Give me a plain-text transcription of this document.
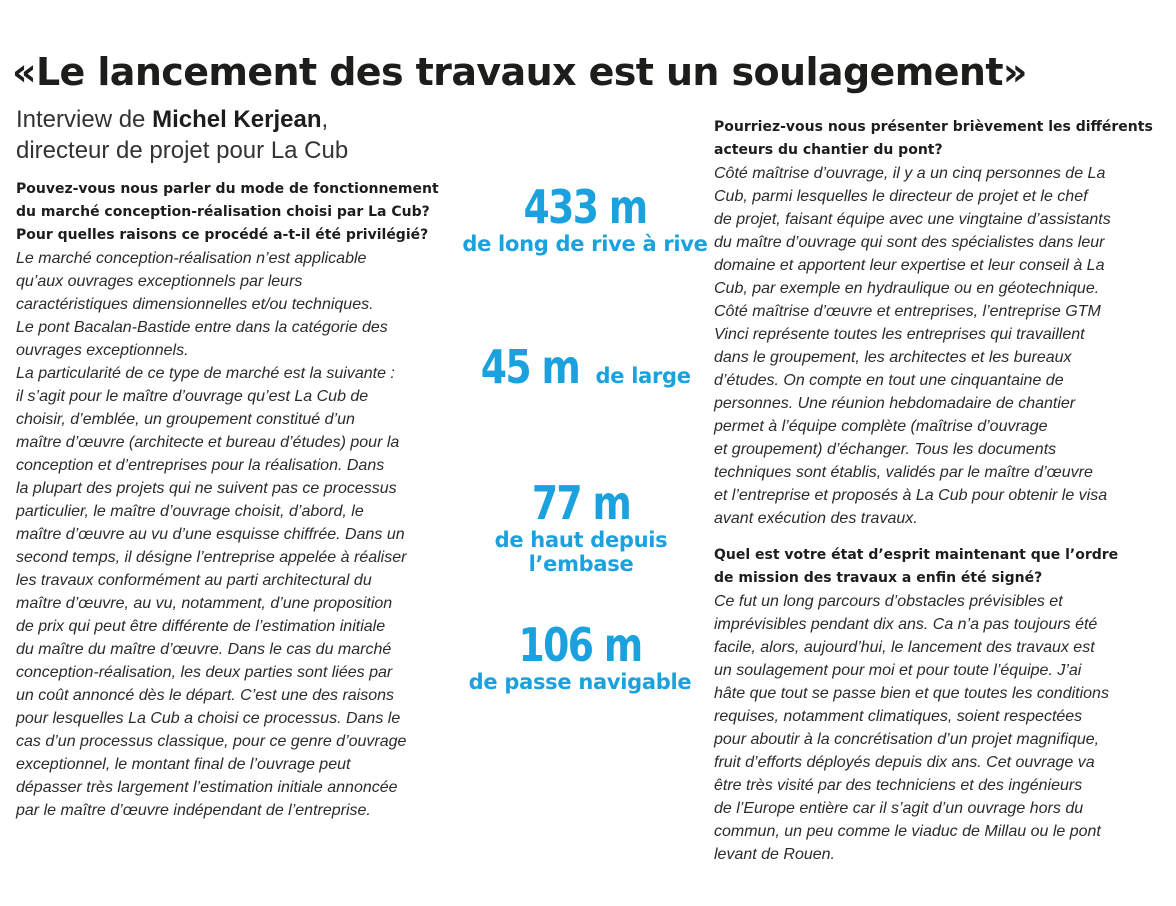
«Le lancement des travaux est un soulagement»
Interview de Michel Kerjean,
directeur de projet pour La Cub
Pouvez-vous nous parler du mode de fonctionnement
du marché conception-réalisation choisi par La Cub?
Pour quelles raisons ce procédé a-t-il été privilégié?
Le marché conception-réalisation n’est applicable
qu’aux ouvrages exceptionnels par leurs
caractéristiques dimensionnelles et/ou techniques.
Le pont Bacalan-Bastide entre dans la catégorie des
ouvrages exceptionnels.
La particularité de ce type de marché est la suivante :
il s’agit pour le maître d’ouvrage qu’est La Cub de
choisir, d’emblée, un groupement constitué d’un
maître d’œuvre (architecte et bureau d’études) pour la
conception et d’entreprises pour la réalisation. Dans
la plupart des projets qui ne suivent pas ce processus
particulier, le maître d’ouvrage choisit, d’abord, le
maître d’œuvre au vu d’une esquisse chiffrée. Dans un
second temps, il désigne l’entreprise appelée à réaliser
les travaux conformément au parti architectural du
maître d’œuvre, au vu, notamment, d’une proposition
de prix qui peut être différente de l’estimation initiale
du maître du maître d’œuvre. Dans le cas du marché
conception-réalisation, les deux parties sont liées par
un coût annoncé dès le départ. C’est une des raisons
pour lesquelles La Cub a choisi ce processus. Dans le
cas d’un processus classique, pour ce genre d’ouvrage
exceptionnel, le montant final de l’ouvrage peut
dépasser très largement l’estimation initiale annoncée
par le maître d’œuvre indépendant de l’entreprise.
433 m
de long de rive à rive
45 m de large
77 m
de haut depuis l’embase
106 m
de passe navigable
Pourriez-vous nous présenter brièvement les différents
acteurs du chantier du pont?
Côté maîtrise d’ouvrage, il y a un cinq personnes de La
Cub, parmi lesquelles le directeur de projet et le chef
de projet, faisant équipe avec une vingtaine d’assistants
du maître d’ouvrage qui sont des spécialistes dans leur
domaine et apportent leur expertise et leur conseil à La
Cub, par exemple en hydraulique ou en géotechnique.
Côté maîtrise d’œuvre et entreprises, l’entreprise GTM
Vinci représente toutes les entreprises qui travaillent
dans le groupement, les architectes et les bureaux
d’études. On compte en tout une cinquantaine de
personnes. Une réunion hebdomadaire de chantier
permet à l’équipe complète (maîtrise d’ouvrage
et groupement) d’échanger. Tous les documents
techniques sont établis, validés par le maître d’œuvre
et l’entreprise et proposés à La Cub pour obtenir le visa
avant exécution des travaux.
Quel est votre état d’esprit maintenant que l’ordre
de mission des travaux a enfin été signé?
Ce fut un long parcours d’obstacles prévisibles et
imprévisibles pendant dix ans. Ca n’a pas toujours été
facile, alors, aujourd’hui, le lancement des travaux est
un soulagement pour moi et pour toute l’équipe. J’ai
hâte que tout se passe bien et que toutes les conditions
requises, notamment climatiques, soient respectées
pour aboutir à la concrétisation d’un projet magnifique,
fruit d’efforts déployés depuis dix ans. Cet ouvrage va
être très visité par des techniciens et des ingénieurs
de l’Europe entière car il s’agit d’un ouvrage hors du
commun, un peu comme le viaduc de Millau ou le pont
levant de Rouen.
